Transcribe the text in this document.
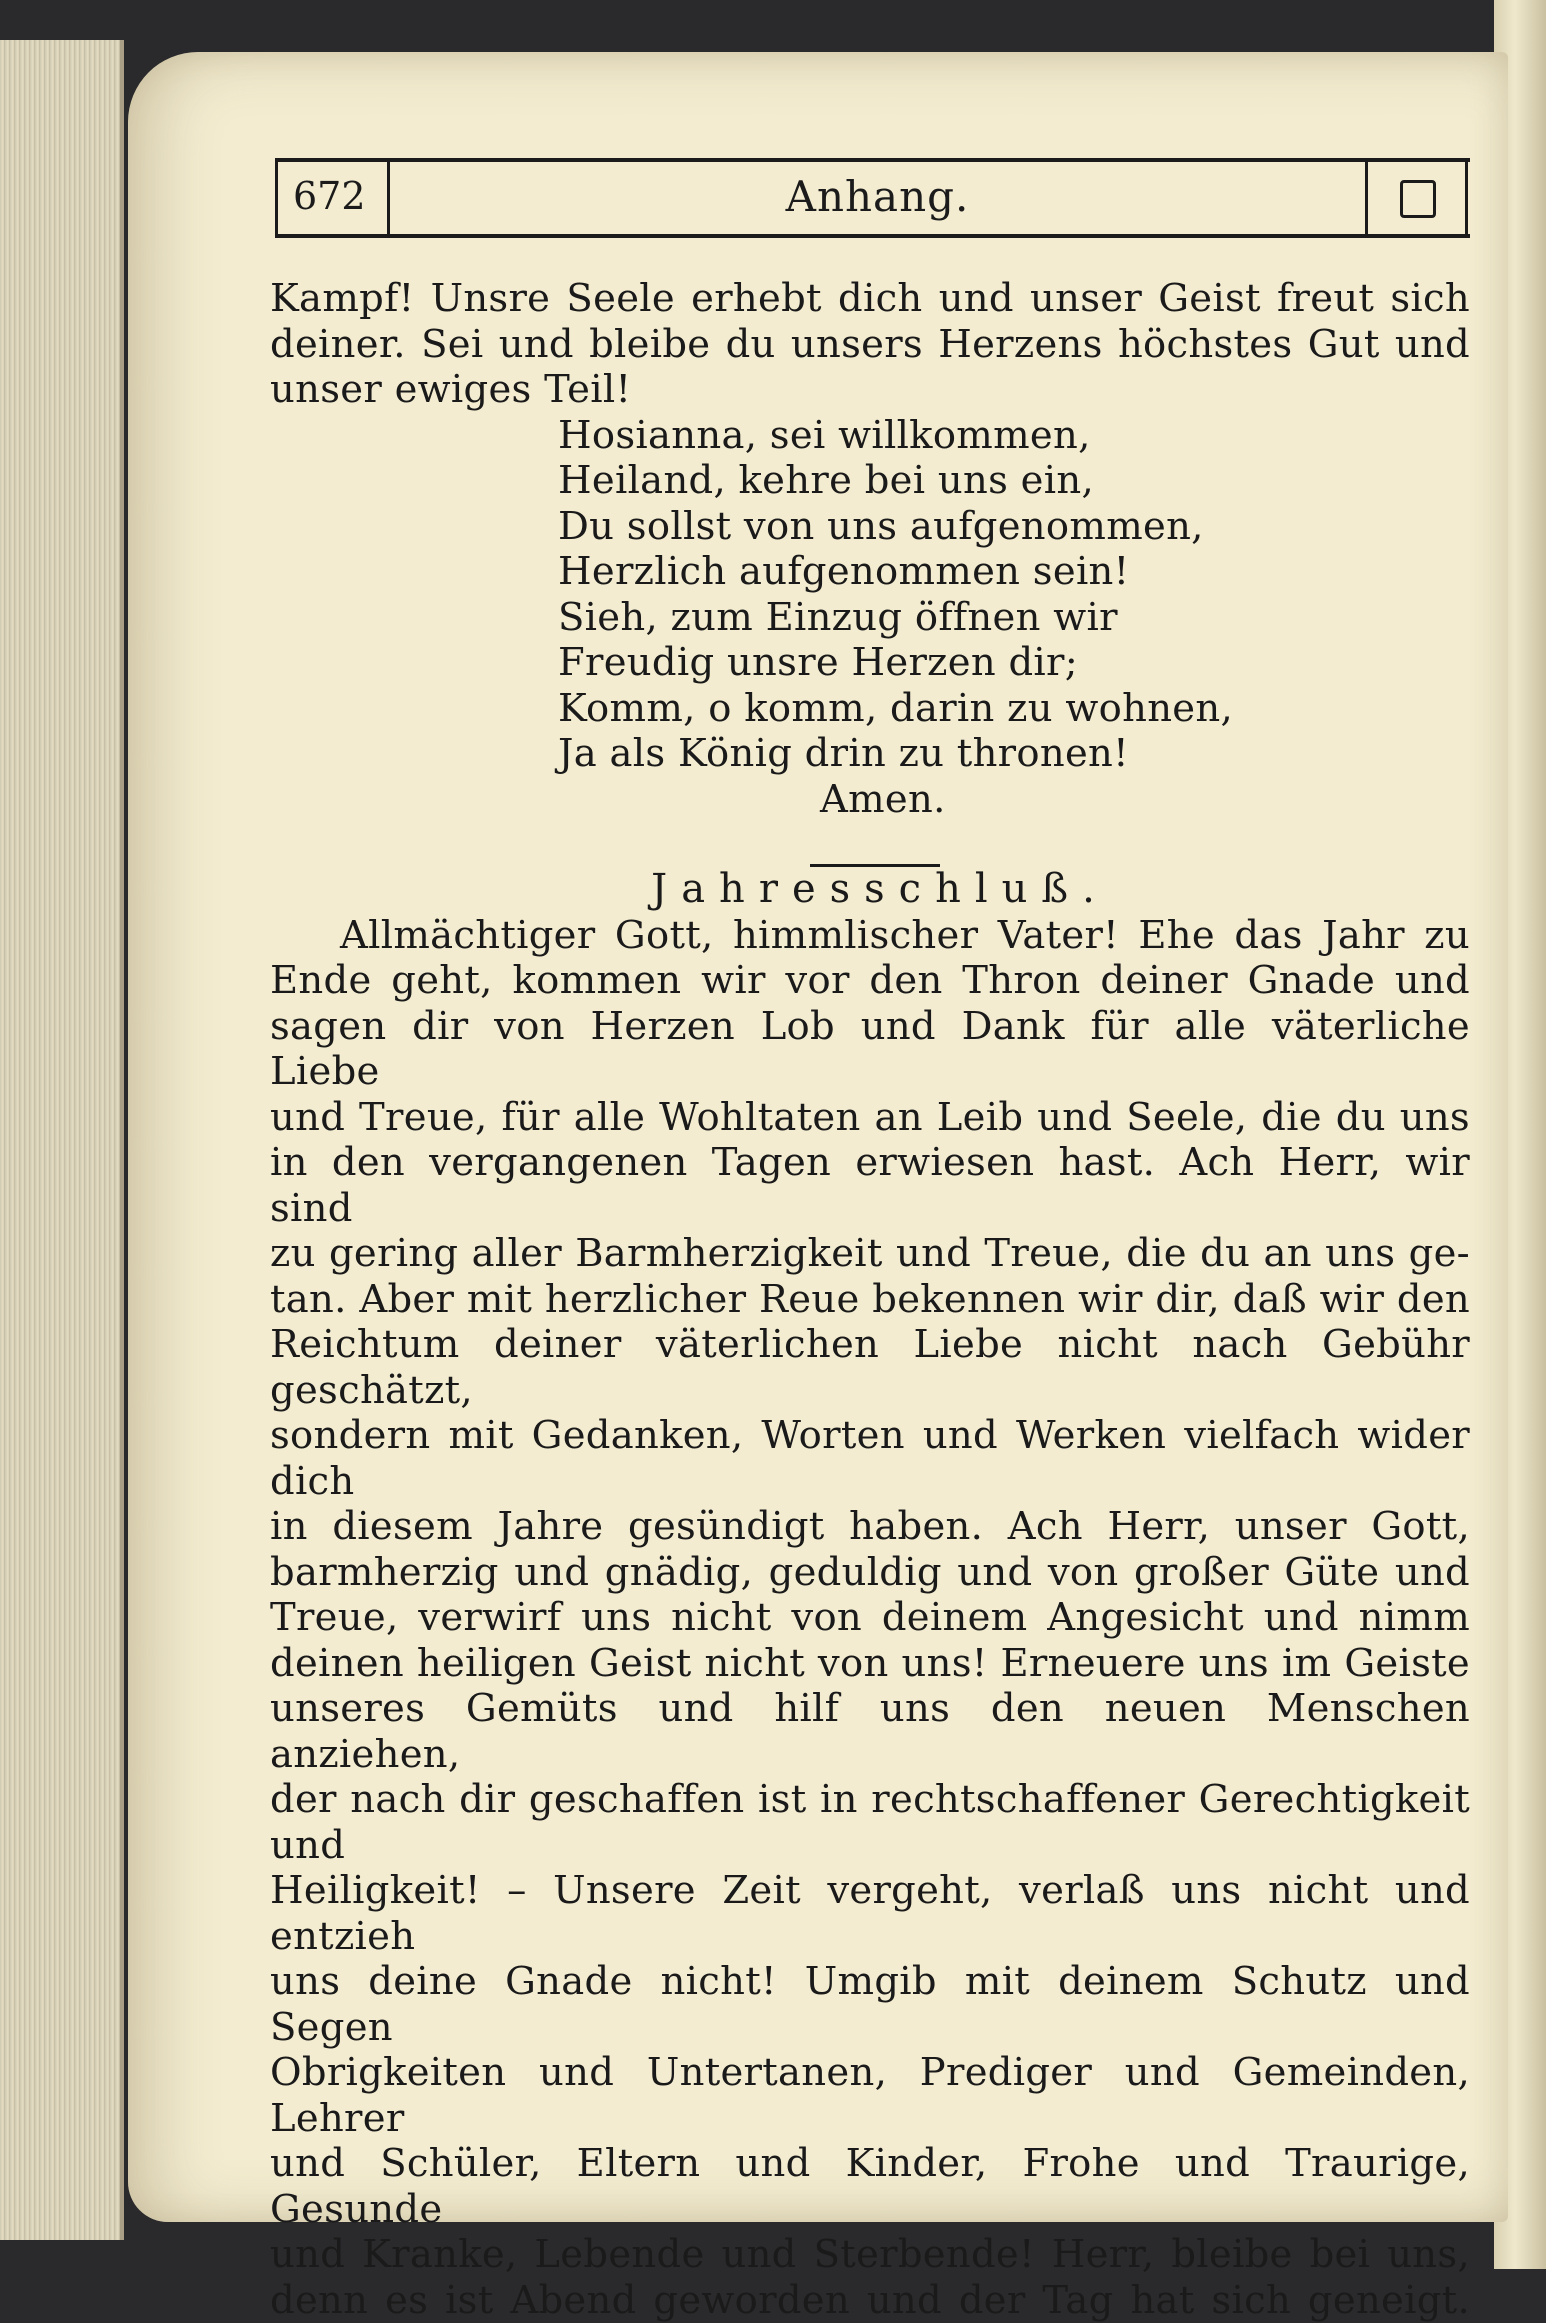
672	Anhang.

Kampf! Unsre Seele erhebt dich und unser Geist freut sich

deiner. Sei und bleibe du unsers Herzens höchstes Gut und

unser ewiges Teil!

Hosianna, sei willkommen,

Heiland, kehre bei uns ein,

Du sollst von uns aufgenommen,

Herzlich aufgenommen sein!

Sieh, zum Einzug öffnen wir

Freudig unsre Herzen dir;

Komm, o komm, darin zu wohnen,

Ja als König drin zu thronen!

Amen.

Jahresschluß.

Allmächtiger Gott, himmlischer Vater! Ehe das Jahr zu

Ende geht, kommen wir vor den Thron deiner Gnade und

sagen dir von Herzen Lob und Dank für alle väterliche Liebe

und Treue, für alle Wohltaten an Leib und Seele, die du uns

in den vergangenen Tagen erwiesen hast. Ach Herr, wir sind

zu gering aller Barmherzigkeit und Treue, die du an uns ge-

tan. Aber mit herzlicher Reue bekennen wir dir, daß wir den

Reichtum deiner väterlichen Liebe nicht nach Gebühr geschätzt,

sondern mit Gedanken, Worten und Werken vielfach wider dich

in diesem Jahre gesündigt haben. Ach Herr, unser Gott,

barmherzig und gnädig, geduldig und von großer Güte und

Treue, verwirf uns nicht von deinem Angesicht und nimm

deinen heiligen Geist nicht von uns! Erneuere uns im Geiste

unseres Gemüts und hilf uns den neuen Menschen anziehen,

der nach dir geschaffen ist in rechtschaffener Gerechtigkeit und

Heiligkeit! – Unsere Zeit vergeht, verlaß uns nicht und entzieh

uns deine Gnade nicht! Umgib mit deinem Schutz und Segen

Obrigkeiten und Untertanen, Prediger und Gemeinden, Lehrer

und Schüler, Eltern und Kinder, Frohe und Traurige, Gesunde

und Kranke, Lebende und Sterbende! Herr, bleibe bei uns,

denn es ist Abend geworden und der Tag hat sich geneigt.
